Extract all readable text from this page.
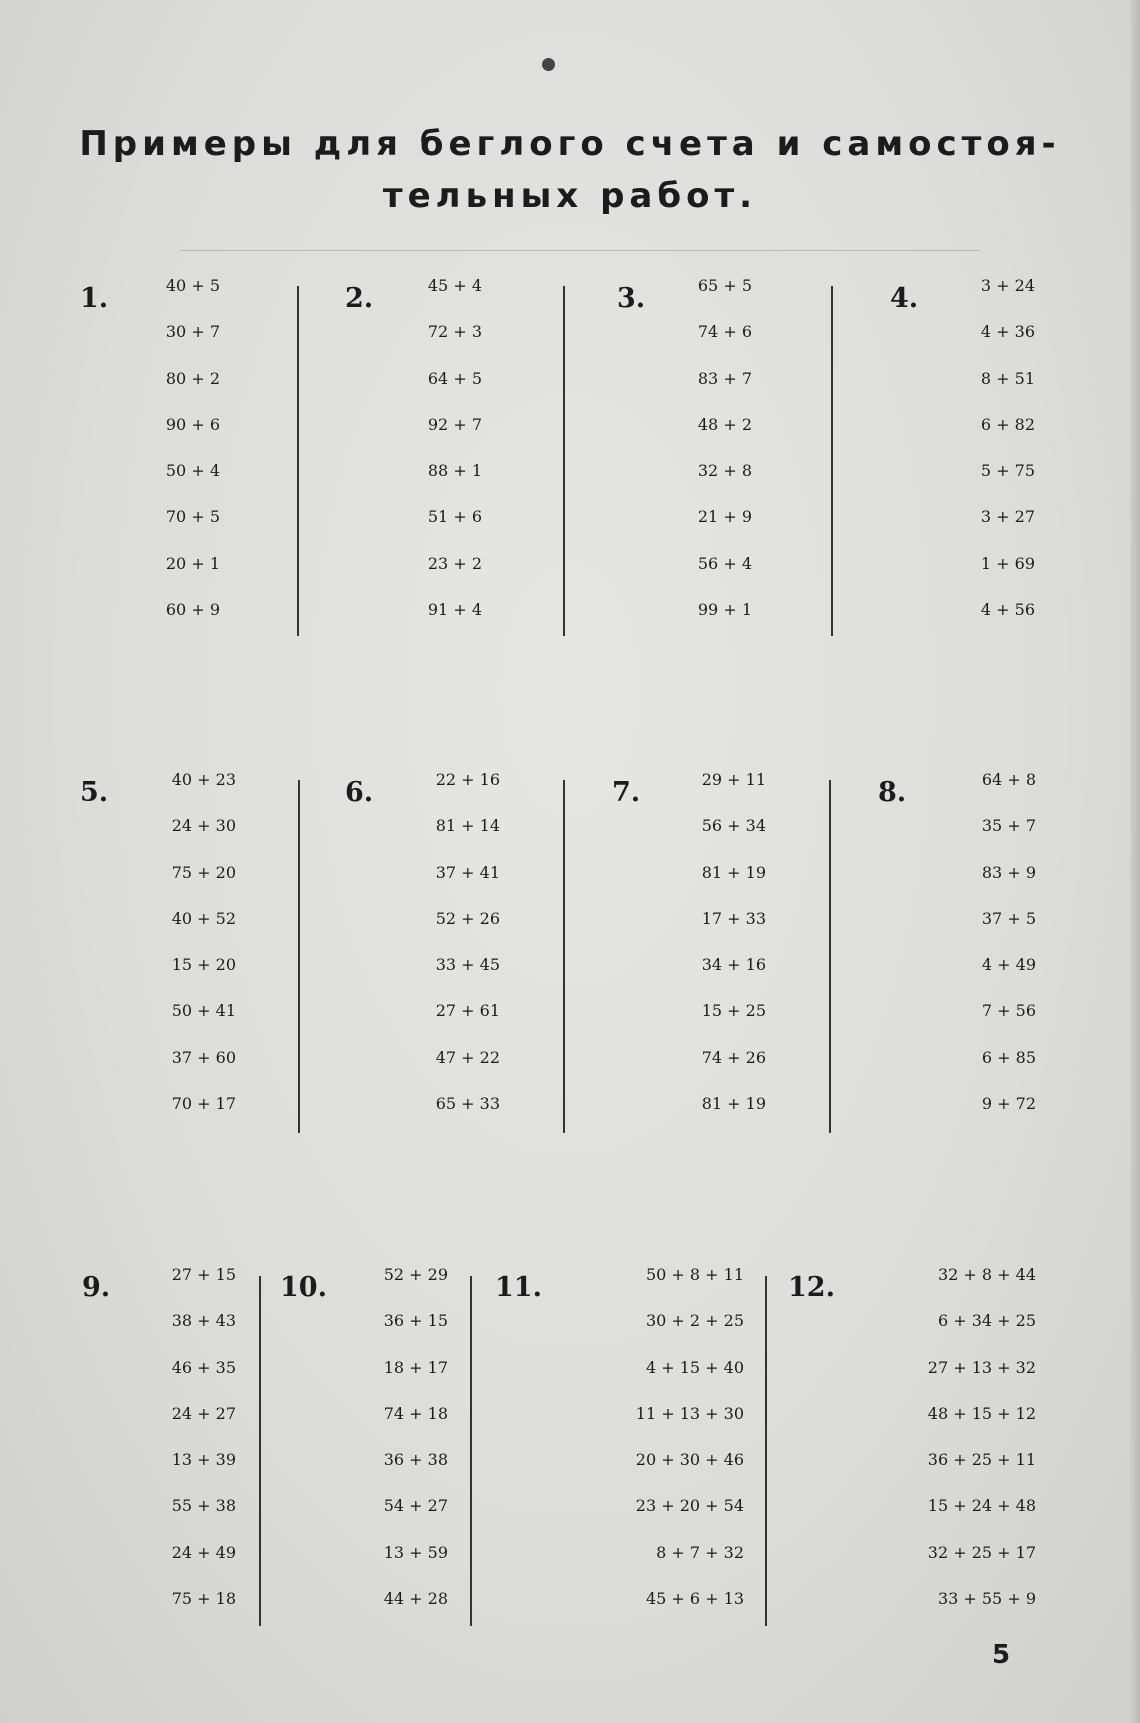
Примеры для беглого счета и самостоя-
тельных работ.
1.	40 + 5
30 + 7
80 + 2
90 + 6
50 + 4
70 + 5
20 + 1
60 + 9
2.	45 + 4
72 + 3
64 + 5
92 + 7
88 + 1
51 + 6
23 + 2
91 + 4
3.	65 + 5
74 + 6
83 + 7
48 + 2
32 + 8
21 + 9
56 + 4
99 + 1
4.	3 + 24
4 + 36
8 + 51
6 + 82
5 + 75
3 + 27
1 + 69
4 + 56
5.	40 + 23
24 + 30
75 + 20
40 + 52
15 + 20
50 + 41
37 + 60
70 + 17
6.	22 + 16
81 + 14
37 + 41
52 + 26
33 + 45
27 + 61
47 + 22
65 + 33
7.	29 + 11
56 + 34
81 + 19
17 + 33
34 + 16
15 + 25
74 + 26
81 + 19
8.	64 + 8
35 + 7
83 + 9
37 + 5
4 + 49
7 + 56
6 + 85
9 + 72
9.	27 + 15
38 + 43
46 + 35
24 + 27
13 + 39
55 + 38
24 + 49
75 + 18
10.	52 + 29
36 + 15
18 + 17
74 + 18
36 + 38
54 + 27
13 + 59
44 + 28
11.	50 + 8 + 11
30 + 2 + 25
4 + 15 + 40
11 + 13 + 30
20 + 30 + 46
23 + 20 + 54
8 + 7 + 32
45 + 6 + 13
12.	32 + 8 + 44
6 + 34 + 25
27 + 13 + 32
48 + 15 + 12
36 + 25 + 11
15 + 24 + 48
32 + 25 + 17
33 + 55 + 9
5
